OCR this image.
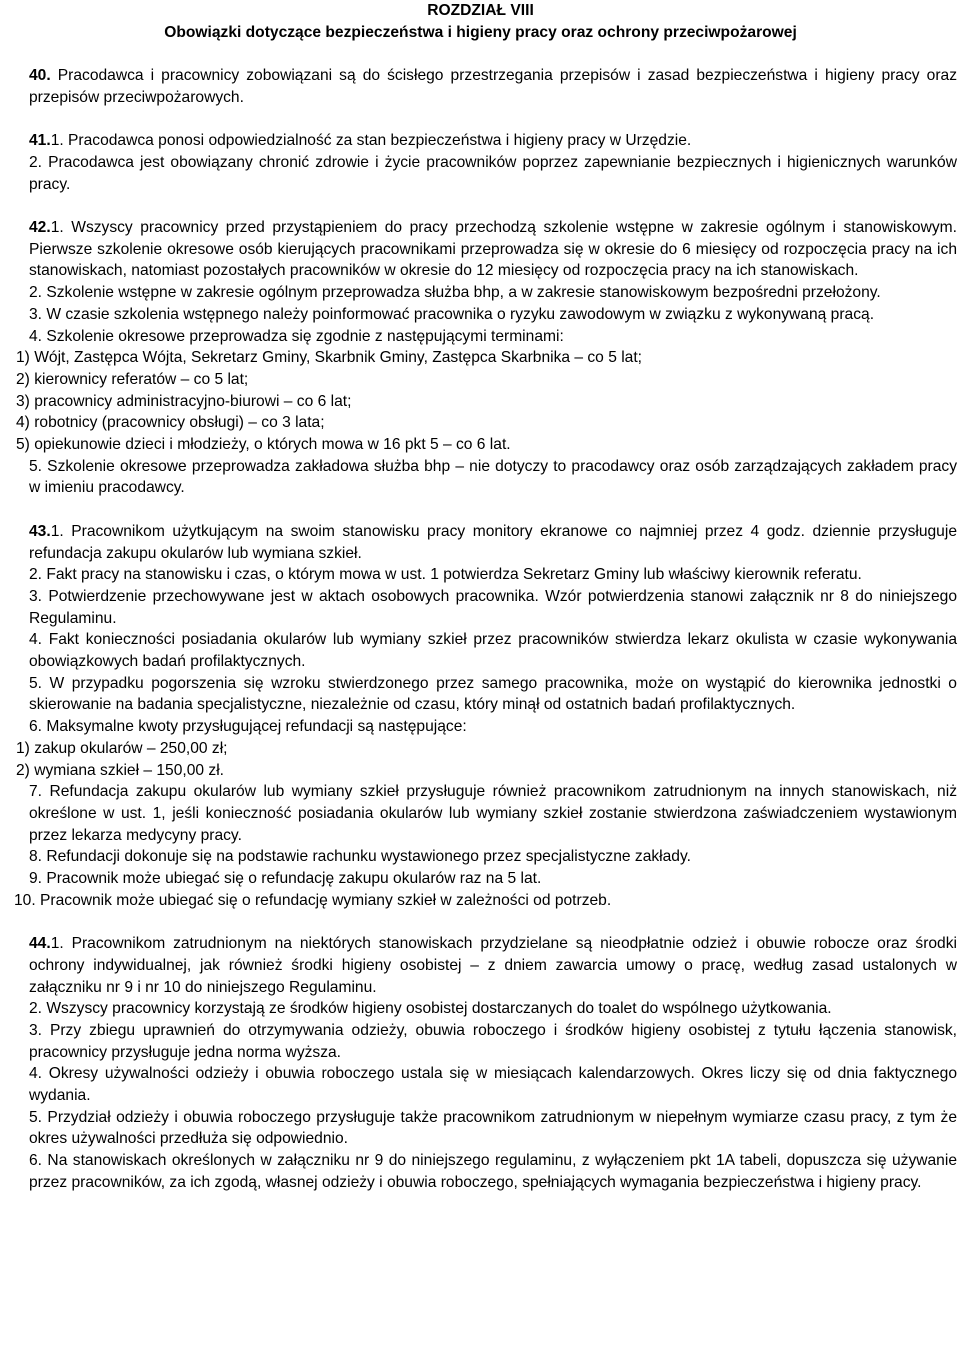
ROZDZIAŁ VIII
Obowiązki dotyczące bezpieczeństwa i higieny pracy oraz ochrony przeciwpożarowej

40. Pracodawca i pracownicy zobowiązani są do ścisłego przestrzegania przepisów i zasad bezpieczeństwa i higieny pracy oraz przepisów przeciwpożarowych.

41.1. Pracodawca ponosi odpowiedzialność za stan bezpieczeństwa i higieny pracy w Urzędzie.

2. Pracodawca jest obowiązany chronić zdrowie i życie pracowników poprzez zapewnianie bezpiecznych i higienicznych warunków pracy.

42.1. Wszyscy pracownicy przed przystąpieniem do pracy przechodzą szkolenie wstępne w zakresie ogólnym i stanowiskowym. Pierwsze szkolenie okresowe osób kierujących pracownikami przeprowadza się w okresie do 6 miesięcy od rozpoczęcia pracy na ich stanowiskach, natomiast pozostałych pracowników w okresie do 12 miesięcy od rozpoczęcia pracy na ich stanowiskach.

2. Szkolenie wstępne w zakresie ogólnym przeprowadza służba bhp, a w zakresie stanowiskowym bezpośredni przełożony.

3. W czasie szkolenia wstępnego należy poinformować pracownika o ryzyku zawodowym w związku z wykonywaną pracą.

4. Szkolenie okresowe przeprowadza się zgodnie z następującymi terminami:

1) Wójt, Zastępca Wójta, Sekretarz Gminy, Skarbnik Gminy, Zastępca Skarbnika – co 5 lat;

2) kierownicy referatów – co 5 lat;

3) pracownicy administracyjno-biurowi – co 6 lat;

4) robotnicy (pracownicy obsługi) – co 3 lata;

5) opiekunowie dzieci i młodzieży, o których mowa w 16 pkt 5 – co 6 lat.

5. Szkolenie okresowe przeprowadza zakładowa służba bhp – nie dotyczy to pracodawcy oraz osób zarządzających zakładem pracy w imieniu pracodawcy.

43.1. Pracownikom użytkującym na swoim stanowisku pracy monitory ekranowe co najmniej przez 4 godz. dziennie przysługuje refundacja zakupu okularów lub wymiana szkieł.

2. Fakt pracy na stanowisku i czas, o którym mowa w ust. 1 potwierdza Sekretarz Gminy lub właściwy kierownik referatu.

3. Potwierdzenie przechowywane jest w aktach osobowych pracownika. Wzór potwierdzenia stanowi załącznik nr 8 do niniejszego Regulaminu.

4. Fakt konieczności posiadania okularów lub wymiany szkieł przez pracowników stwierdza lekarz okulista w czasie wykonywania obowiązkowych badań profilaktycznych.

5. W przypadku pogorszenia się wzroku stwierdzonego przez samego pracownika, może on wystąpić do kierownika jednostki o skierowanie na badania specjalistyczne, niezależnie od czasu, który minął od ostatnich badań profilaktycznych.

6. Maksymalne kwoty przysługującej refundacji są następujące:

1) zakup okularów – 250,00 zł;

2) wymiana szkieł – 150,00 zł.

7. Refundacja zakupu okularów lub wymiany szkieł przysługuje również pracownikom zatrudnionym na innych stanowiskach, niż określone w ust. 1, jeśli konieczność posiadania okularów lub wymiany szkieł zostanie stwierdzona zaświadczeniem wystawionym przez lekarza medycyny pracy.

8. Refundacji dokonuje się na podstawie rachunku wystawionego przez specjalistyczne zakłady.

9. Pracownik może ubiegać się o refundację zakupu okularów raz na 5 lat.

10. Pracownik może ubiegać się o refundację wymiany szkieł w zależności od potrzeb.

44.1. Pracownikom zatrudnionym na niektórych stanowiskach przydzielane są nieodpłatnie odzież i obuwie robocze oraz środki ochrony indywidualnej, jak również środki higieny osobistej – z dniem zawarcia umowy o pracę, według zasad ustalonych w załączniku nr 9 i nr 10 do niniejszego Regulaminu.

2. Wszyscy pracownicy korzystają ze środków higieny osobistej dostarczanych do toalet do wspólnego użytkowania.

3. Przy zbiegu uprawnień do otrzymywania odzieży, obuwia roboczego i środków higieny osobistej z tytułu łączenia stanowisk, pracownicy przysługuje jedna norma wyższa.

4. Okresy używalności odzieży i obuwia roboczego ustala się w miesiącach kalendarzowych. Okres liczy się od dnia faktycznego wydania.

5. Przydział odzieży i obuwia roboczego przysługuje także pracownikom zatrudnionym w niepełnym wymiarze czasu pracy, z tym że okres używalności przedłuża się odpowiednio.

6. Na stanowiskach określonych w załączniku nr 9 do niniejszego regulaminu, z wyłączeniem pkt 1A tabeli, dopuszcza się używanie przez pracowników, za ich zgodą, własnej odzieży i obuwia roboczego, spełniających wymagania bezpieczeństwa i higieny pracy.
